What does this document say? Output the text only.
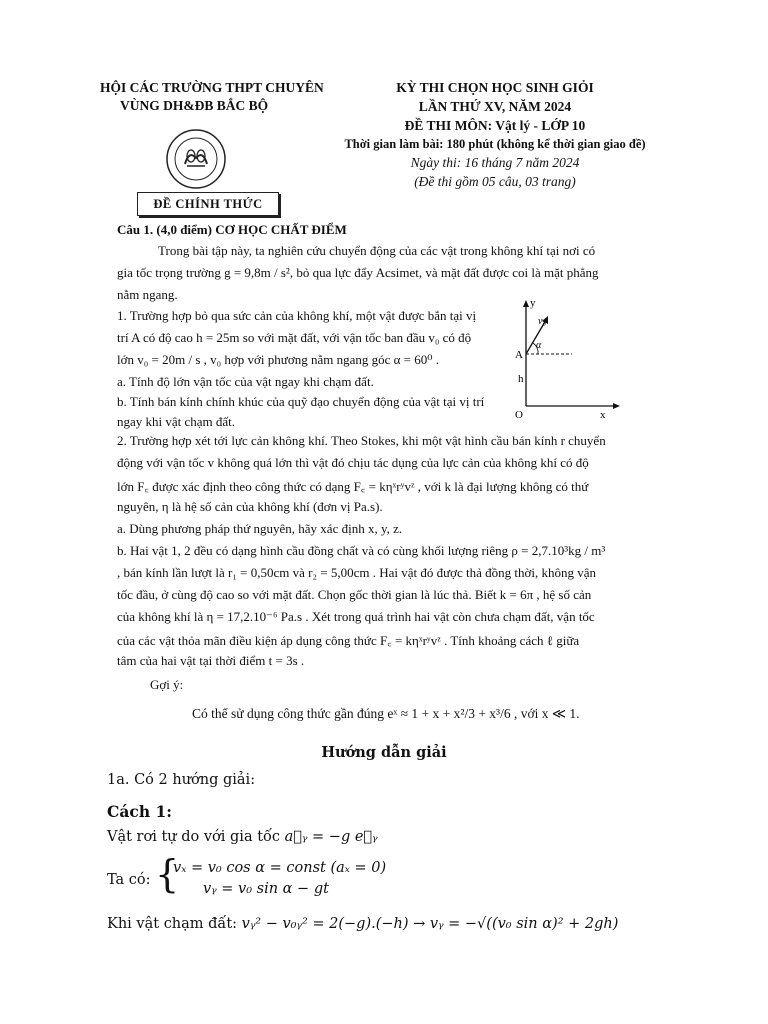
HỘI CÁC TRƯỜNG THPT CHUYÊN
VÙNG DH&ĐB BẮC BỘ
KỲ THI CHỌN HỌC SINH GIỎI
LẦN THỨ XV, NĂM 2024
ĐỀ THI MÔN: Vật lý - LỚP 10
Thời gian làm bài: 180 phút (không kể thời gian giao đề)
Ngày thi: 16 tháng 7 năm 2024
(Đề thi gồm 05 câu, 03 trang)
ĐỀ CHÍNH THỨC
Câu 1. (4,0 điểm) CƠ HỌC CHẤT ĐIỂM
Trong bài tập này, ta nghiên cứu chuyển động của các vật trong không khí tại nơi có
gia tốc trọng trường g = 9,8m / s², bỏ qua lực đẩy Acsimet, và mặt đất được coi là mặt phẳng
nằm ngang.
1. Trường hợp bỏ qua sức cản của không khí, một vật được bắn tại vị
trí A có độ cao h = 25m so với mặt đất, với vận tốc ban đầu v₀ có độ
lớn v₀ = 20m / s , v₀ hợp với phương nằm ngang góc α = 60⁰ .
a. Tính độ lớn vận tốc của vật ngay khi chạm đất.
b. Tính bán kính chính khúc của quỹ đạo chuyển động của vật tại vị trí
ngay khi vật chạm đất.
y
x
O
A
h
v₀
α
2. Trường hợp xét tới lực cản không khí. Theo Stokes, khi một vật hình cầu bán kính r chuyển
động với vận tốc v không quá lớn thì vật đó chịu tác dụng của lực cản của không khí có độ
lớn F꜀ được xác định theo công thức có dạng F꜀ = kηˣrʸvᶻ , với k là đại lượng không có thứ
nguyên, η là hệ số cản của không khí (đơn vị Pa.s).
a. Dùng phương pháp thứ nguyên, hãy xác định x, y, z.
b. Hai vật 1, 2 đều có dạng hình cầu đồng chất và có cùng khối lượng riêng ρ = 2,7.10³kg / m³
, bán kính lần lượt là r₁ = 0,50cm và r₂ = 5,00cm . Hai vật đó được thả đồng thời, không vận
tốc đầu, ở cùng độ cao so với mặt đất. Chọn gốc thời gian là lúc thả. Biết k = 6π , hệ số cản
của không khí là η = 17,2.10⁻⁶ Pa.s . Xét trong quá trình hai vật còn chưa chạm đất, vận tốc
của các vật thỏa mãn điều kiện áp dụng công thức F꜀ = kηˣrʸvᶻ . Tính khoảng cách ℓ giữa
tâm của hai vật tại thời điểm t = 3s .
Gợi ý:
Có thể sử dụng công thức gần đúng eˣ ≈ 1 + x + x²/3 + x³/6 , với x ≪ 1.
Hướng dẫn giải
1a. Có 2 hướng giải:
Cách 1:
Vật rơi tự do với gia tốc a⃗ᵧ = −g e⃗ᵧ
Ta có: {
vₓ = v₀ cos α = const (aₓ = 0)
vᵧ = v₀ sin α − gt
Khi vật chạm đất: vᵧ² − v₀ᵧ² = 2(−g).(−h) → vᵧ = −√((v₀ sin α)² + 2gh)
